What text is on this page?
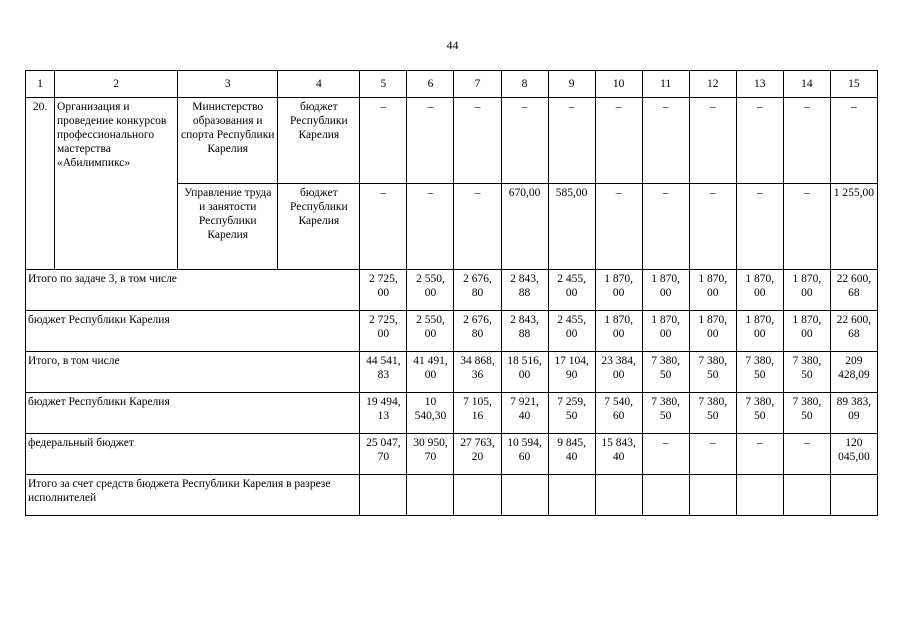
44
1	2	3	4	5	6	7	8	9	10	11	12	13	14	15
20.	Организация и проведение конкурсов профессионального мастерства «Абилимпикс»	Министерство образования и спорта Республики Карелия	бюджет Республики Карелия	–	–	–	–	–	–	–	–	–	–	–
		Управление труда и занятости Республики Карелия	бюджет Республики Карелия	–	–	–	670,00	585,00	–	–	–	–	–	1 255,00
Итого по задаче 3, в том числе				2 725, 00	2 550, 00	2 676, 80	2 843, 88	2 455, 00	1 870, 00	1 870, 00	1 870, 00	1 870, 00	1 870, 00	22 600, 68
бюджет Республики Карелия				2 725, 00	2 550, 00	2 676, 80	2 843, 88	2 455, 00	1 870, 00	1 870, 00	1 870, 00	1 870, 00	1 870, 00	22 600, 68
Итого, в том числе				44 541, 83	41 491, 00	34 868, 36	18 516, 00	17 104, 90	23 384, 00	7 380, 50	7 380, 50	7 380, 50	7 380, 50	209 428,09
бюджет Республики Карелия				19 494, 13	10 540,30	7 105, 16	7 921, 40	7 259, 50	7 540, 60	7 380, 50	7 380, 50	7 380, 50	7 380, 50	89 383, 09
федеральный бюджет				25 047, 70	30 950, 70	27 763, 20	10 594, 60	9 845, 40	15 843, 40	–	–	–	–	120 045,00
Итого за счет средств бюджета Республики Карелия в разрезе исполнителей														
